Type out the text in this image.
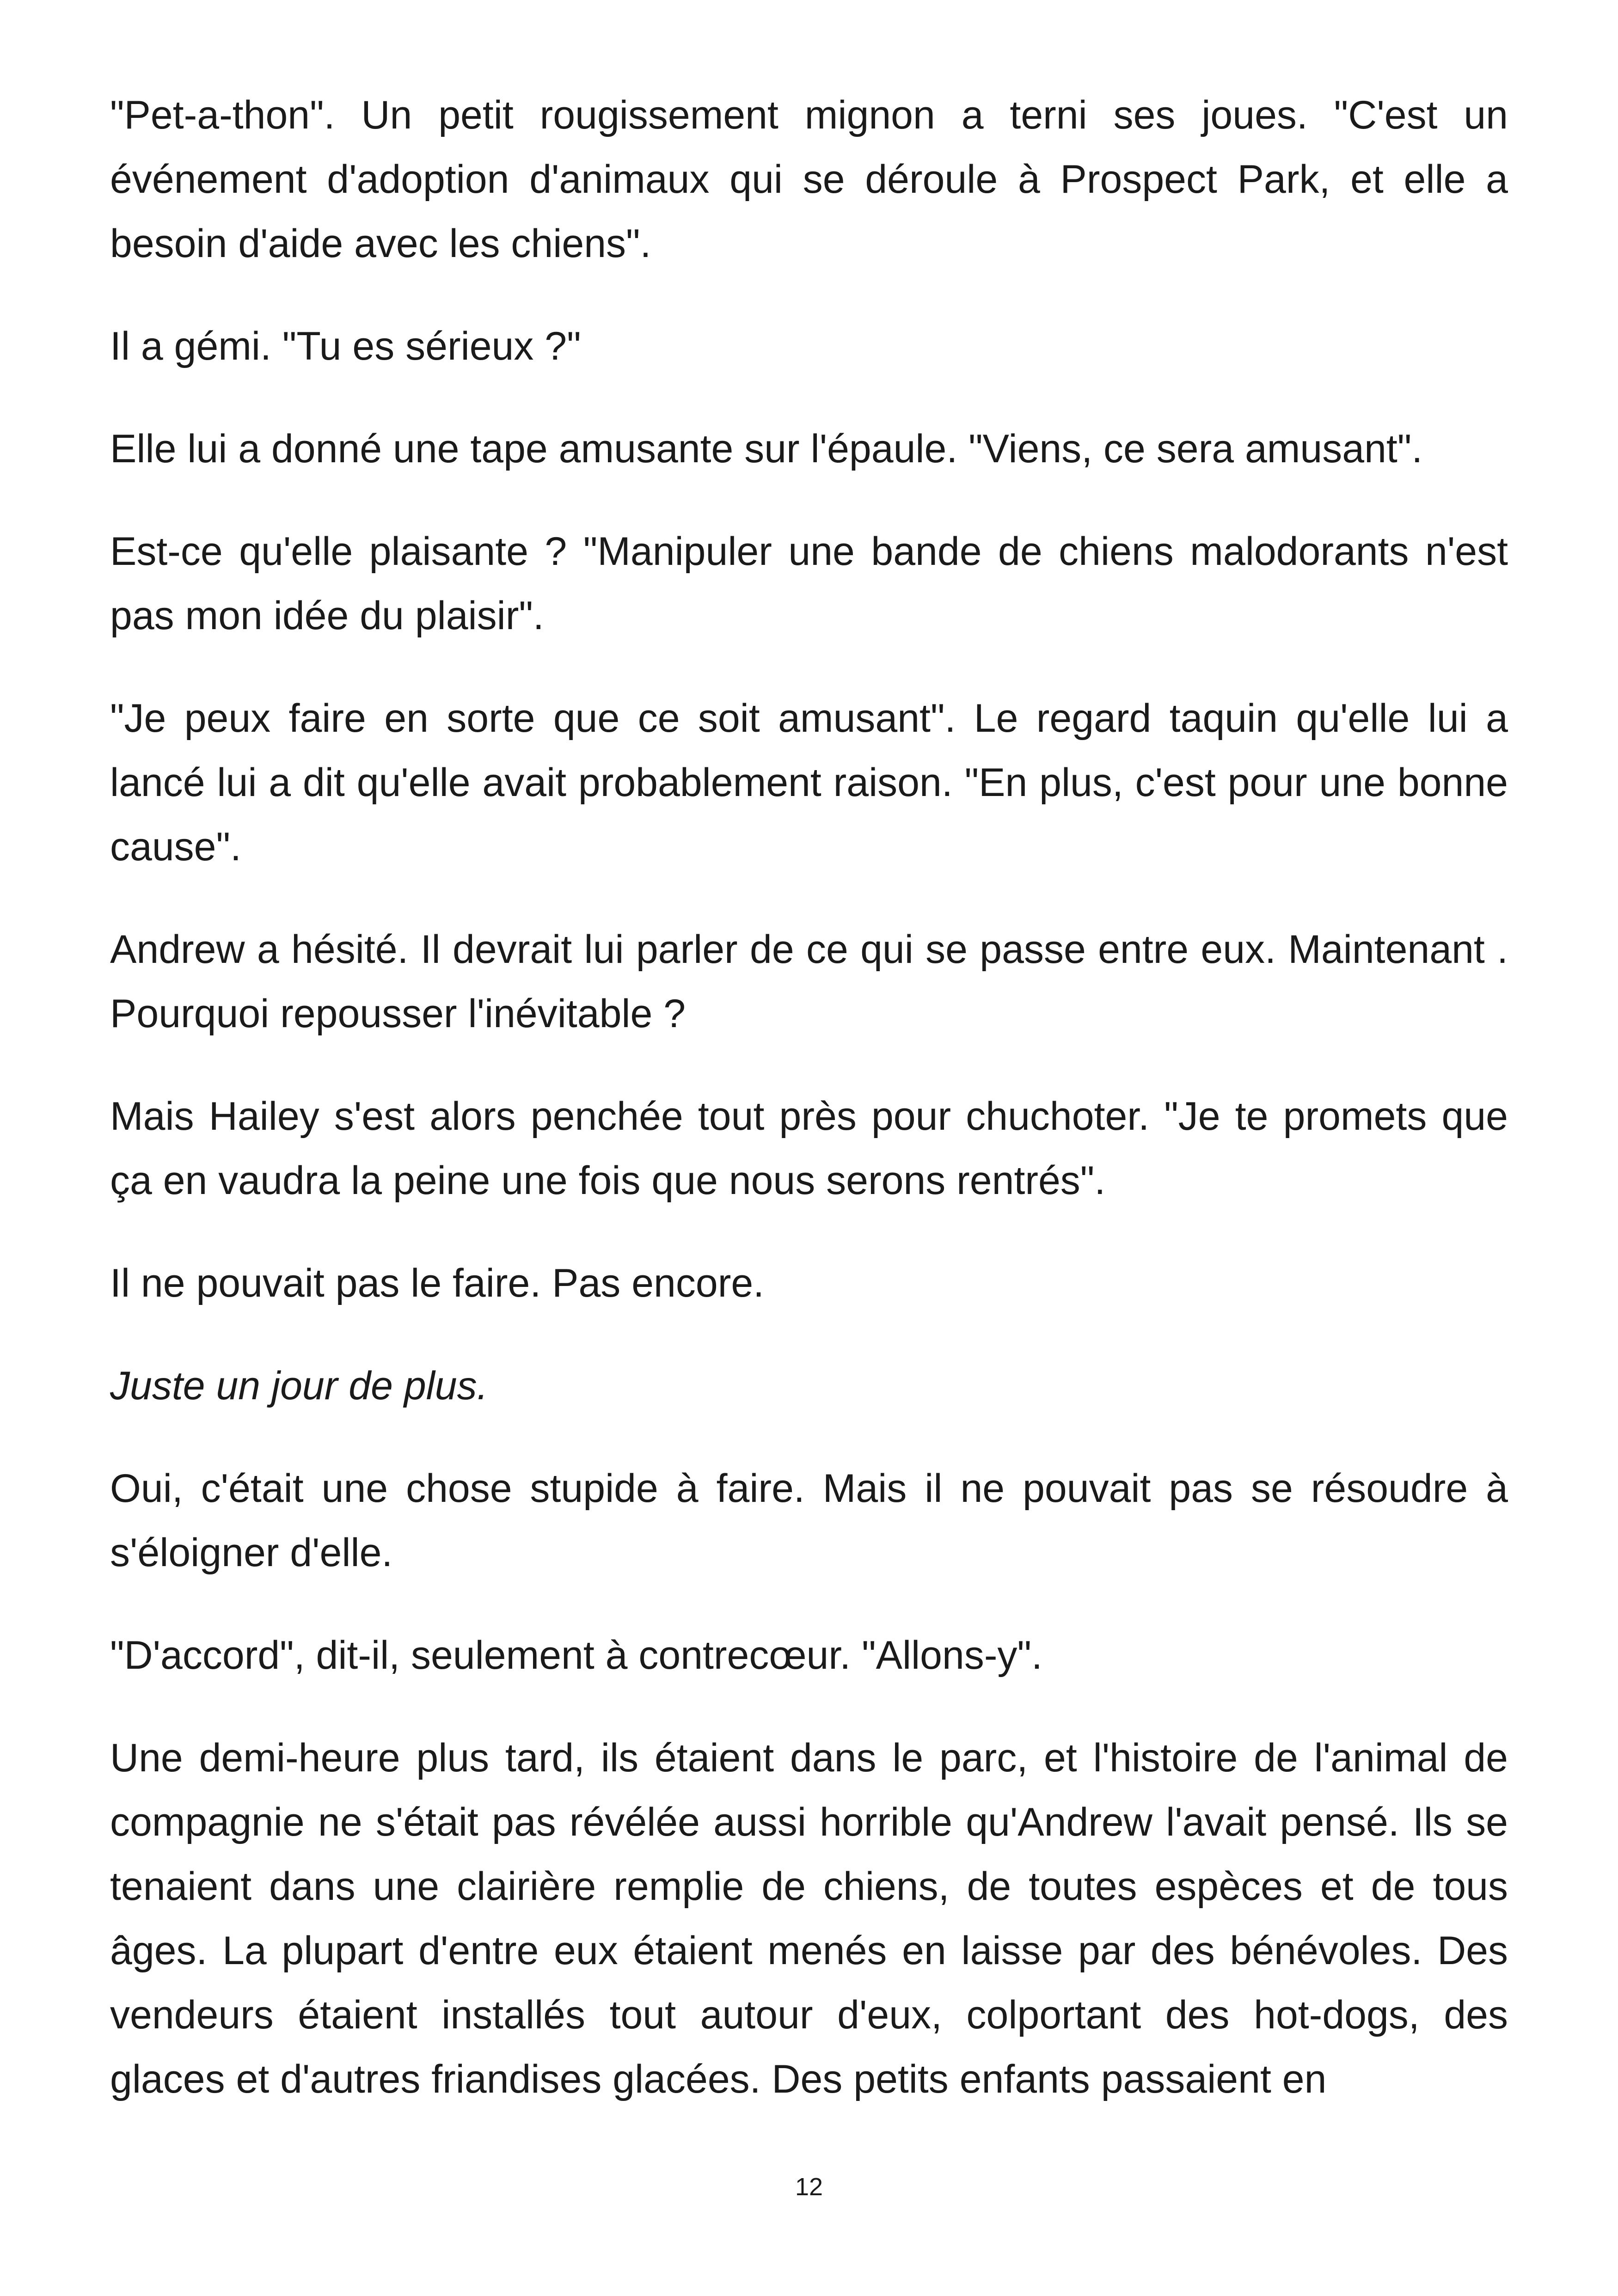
"Pet-a-thon". Un petit rougissement mignon a terni ses joues. "C'est un événement d'adoption d'animaux qui se déroule à Prospect Park, et elle a besoin d'aide avec les chiens".

Il a gémi. "Tu es sérieux ?"

Elle lui a donné une tape amusante sur l'épaule. "Viens, ce sera amusant".

Est-ce qu'elle plaisante ? "Manipuler une bande de chiens malodorants n'est pas mon idée du plaisir".

"Je peux faire en sorte que ce soit amusant". Le regard taquin qu'elle lui a lancé lui a dit qu'elle avait probablement raison. "En plus, c'est pour une bonne cause".

Andrew a hésité. Il devrait lui parler de ce qui se passe entre eux. Maintenant . Pourquoi repousser l'inévitable ?

Mais Hailey s'est alors penchée tout près pour chuchoter. "Je te promets que ça en vaudra la peine une fois que nous serons rentrés".

Il ne pouvait pas le faire. Pas encore.

Juste un jour de plus.

Oui, c'était une chose stupide à faire. Mais il ne pouvait pas se résoudre à s'éloigner d'elle.

"D'accord", dit-il, seulement à contrecœur. "Allons-y".

Une demi-heure plus tard, ils étaient dans le parc, et l'histoire de l'animal de compagnie ne s'était pas révélée aussi horrible qu'Andrew l'avait pensé. Ils se tenaient dans une clairière remplie de chiens, de toutes espèces et de tous âges. La plupart d'entre eux étaient menés en laisse par des bénévoles. Des vendeurs étaient installés tout autour d'eux, colportant des hot-dogs, des glaces et d'autres friandises glacées. Des petits enfants passaient en

12
